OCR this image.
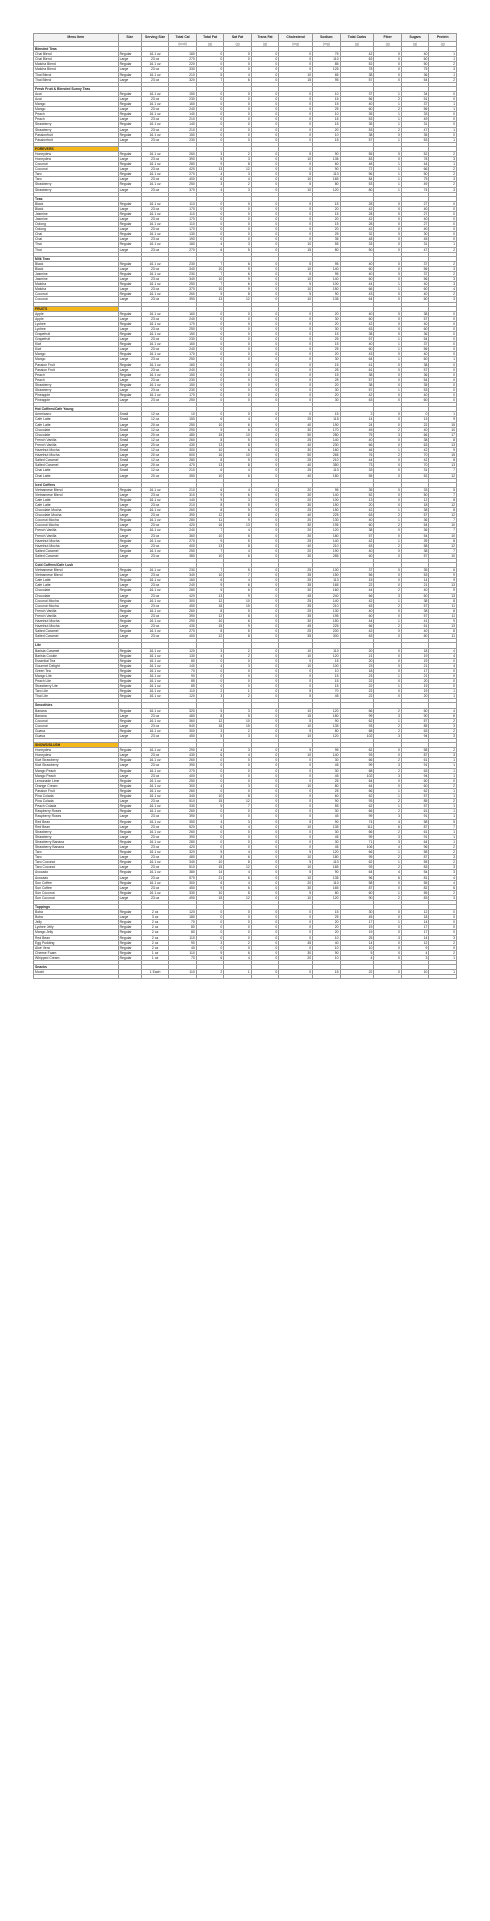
Menu Item	Size	Serving Size	Total Cal	Total Fat	Sat Fat	Trans Fat	Cholesterol	Sodium	Total Carbs	Fiber	Sugars	Protein
			(kcal)	(g)	(g)	(g)	(mg)	(mg)	(g)	(g)	(g)	(g)
Blended Teas												
Chai Blend	Regular	16.1 oz	180	0	0	0	0	75	42	0	40	1
Chai Blend	Large	23 oz	270	0	0	0	0	110	63	0	60	1
Matcha Blend	Regular	16.1 oz	220	0	0	0	0	85	52	0	50	2
Matcha Blend	Large	23 oz	330	0	0	0	0	125	78	0	75	3
Thai Blend	Regular	16.1 oz	210	5	4	0	10	65	38	0	36	1
Thai Blend	Large	23 oz	320	7	6	0	15	95	57	0	54	2

Fresh Fruit & Blended Sunny Teas												
Acai	Regular	16.1 oz	150	0	0	0	0	10	37	1	34	0
Acai	Large	23 oz	230	0	0	0	0	15	56	2	51	0
Mango	Regular	16.1 oz	160	0	0	0	0	15	40	1	37	1
Mango	Large	23 oz	240	0	0	0	0	25	60	2	56	1
Peach	Regular	16.1 oz	140	0	0	0	0	10	35	1	33	0
Peach	Large	23 oz	210	0	0	0	0	15	53	1	49	0
Strawberry	Regular	16.1 oz	140	0	0	0	0	15	35	1	31	0
Strawberry	Large	23 oz	210	0	0	0	0	20	53	2	47	1
Passionfruit	Regular	16.1 oz	150	0	0	0	0	10	38	0	35	0
Passionfruit	Large	23 oz	230	0	0	0	0	15	57	1	53	1

FOREVERS												
Honeydew	Regular	16.1 oz	260	3	2	0	5	90	55	0	52	2
Honeydew	Large	23 oz	390	5	3	0	10	135	83	0	78	3
Coconut	Regular	16.1 oz	280	9	8	0	0	60	48	1	44	1
Coconut	Large	23 oz	420	13	12	0	0	90	72	1	66	2
Taro	Regular	16.1 oz	270	4	3	0	5	110	56	1	50	2
Taro	Large	23 oz	400	6	4	0	10	165	84	1	75	3
Strawberry	Regular	16.1 oz	250	3	2	0	5	80	53	1	49	2
Strawberry	Large	23 oz	370	4	3	0	10	120	80	1	74	3

Teas												
Black	Regular	16.1 oz	110	0	0	0	0	15	28	0	27	0
Black	Large	23 oz	170	0	0	0	0	20	42	0	40	0
Jasmine	Regular	16.1 oz	110	0	0	0	0	15	28	0	27	0
Jasmine	Large	23 oz	170	0	0	0	0	20	42	0	40	0
Oolong	Regular	16.1 oz	110	0	0	0	0	15	28	0	27	0
Oolong	Large	23 oz	170	0	0	0	0	20	42	0	40	0
Chai	Regular	16.1 oz	130	0	0	0	0	25	32	0	30	0
Chai	Large	23 oz	190	0	0	0	0	35	48	0	45	0
Thai	Regular	16.1 oz	180	4	3	0	10	55	33	0	31	1
Thai	Large	23 oz	270	6	5	0	15	80	50	0	47	2

Milk Teas												
Black	Regular	16.1 oz	230	7	6	0	5	95	40	0	37	2
Black	Large	23 oz	340	10	9	0	10	140	60	0	56	3
Jasmine	Regular	16.1 oz	230	7	6	0	5	95	40	0	37	2
Jasmine	Large	23 oz	340	10	9	0	10	140	60	0	56	3
Matcha	Regular	16.1 oz	250	7	6	0	5	100	44	1	40	3
Matcha	Large	23 oz	370	10	9	0	10	150	66	1	60	4
Coconut	Regular	16.1 oz	260	9	8	0	5	90	43	0	40	2
Coconut	Large	23 oz	390	13	12	0	10	135	64	0	60	3

FRUITS												
Apple	Regular	16.1 oz	160	0	0	0	0	20	40	0	38	0
Apple	Large	23 oz	240	0	0	0	0	30	60	0	57	0
Lychee	Regular	16.1 oz	170	0	0	0	0	20	42	0	40	0
Lychee	Large	23 oz	250	0	0	0	0	30	63	0	60	0
Grapefruit	Regular	16.1 oz	150	0	0	0	0	15	38	0	36	0
Grapefruit	Large	23 oz	230	0	0	0	0	25	57	1	54	0
Kiwi	Regular	16.1 oz	160	0	0	0	0	15	40	1	37	0
Kiwi	Large	23 oz	240	0	0	0	0	25	60	1	56	0
Mango	Regular	16.1 oz	170	0	0	0	0	20	43	0	40	0
Mango	Large	23 oz	250	0	0	0	0	30	64	1	60	1
Passion Fruit	Regular	16.1 oz	160	0	0	0	0	15	41	0	38	0
Passion Fruit	Large	23 oz	240	0	0	0	0	25	61	0	57	0
Peach	Regular	16.1 oz	150	0	0	0	0	15	38	0	36	0
Peach	Large	23 oz	230	0	0	0	0	25	57	0	54	0
Strawberry	Regular	16.1 oz	150	0	0	0	0	20	38	0	35	0
Strawberry	Large	23 oz	230	0	0	0	0	30	57	1	53	0
Pineapple	Regular	16.1 oz	170	0	0	0	0	20	42	0	40	0
Pineapple	Large	23 oz	250	0	0	0	0	30	63	0	60	0

Hot Coffees/Cafe Young												
Americano	Small	12 oz	10	0	0	0	0	15	2	0	0	1
Cafe Latte	Small	12 oz	150	6	4	0	25	115	14	0	13	9
Cafe Latte	Large	20 oz	250	10	6	0	40	190	24	0	22	15
Chocolate	Small	12 oz	290	9	6	0	30	170	45	2	40	10
Chocolate	Large	20 oz	480	15	10	0	50	280	75	3	66	17
French Vanilla	Small	12 oz	260	8	5	0	25	140	40	0	38	8
French Vanilla	Large	20 oz	430	13	8	0	40	230	66	0	63	13
Hazelnut Mocha	Small	12 oz	300	10	6	0	30	160	46	1	42	9
Hazelnut Mocha	Large	20 oz	500	16	10	0	50	265	76	2	70	15
Salted Caramel	Small	12 oz	280	8	5	0	25	210	44	0	42	8
Salted Caramel	Large	20 oz	470	13	8	0	40	350	73	0	70	13
Chai Latte	Small	12 oz	210	6	4	0	25	110	33	0	31	7
Chai Latte	Large	20 oz	350	10	6	0	40	180	55	0	52	12

Iced Coffees												
Vietnamese Blend	Regular	16.1 oz	210	6	4	0	20	95	35	0	33	5
Vietnamese Blend	Large	23 oz	310	9	6	0	30	140	52	0	50	7
Cafe Latte	Regular	16.1 oz	140	5	3	0	20	100	13	0	12	8
Cafe Latte	Large	23 oz	210	8	5	0	30	150	20	0	18	12
Chocolate Mocha	Regular	16.1 oz	260	8	5	0	25	150	42	1	38	8
Chocolate Mocha	Large	23 oz	390	12	8	0	40	225	63	2	57	12
Coconut Mocha	Regular	16.1 oz	280	11	9	0	20	130	40	1	36	7
Coconut Mocha	Large	23 oz	420	16	13	0	30	195	60	2	54	10
French Vanilla	Regular	16.1 oz	240	7	4	0	20	120	38	0	36	7
French Vanilla	Large	23 oz	360	10	6	0	30	180	57	0	54	10
Hazelnut Mocha	Regular	16.1 oz	270	9	5	0	25	140	42	1	39	8
Hazelnut Mocha	Large	23 oz	400	13	8	0	40	210	63	2	58	12
Salted Caramel	Regular	16.1 oz	250	7	4	0	20	190	40	0	38	7
Salted Caramel	Large	23 oz	380	10	6	0	30	285	60	0	57	10

Cold Coffees/Cafe Lush												
Vietnamese Blend	Regular	16.1 oz	230	7	5	0	25	100	37	0	35	6
Vietnamese Blend	Large	23 oz	340	10	7	0	35	150	56	0	53	9
Cafe Latte	Regular	16.1 oz	160	6	4	0	25	110	15	0	14	9
Cafe Latte	Large	23 oz	240	9	6	0	35	165	22	0	21	13
Chocolate	Regular	16.1 oz	280	9	6	0	30	160	44	2	40	9
Chocolate	Large	23 oz	420	13	9	0	45	240	66	3	60	13
Coconut Mocha	Regular	16.1 oz	300	12	10	0	25	140	42	1	38	8
Coconut Mocha	Large	23 oz	450	18	15	0	35	210	63	2	57	11
French Vanilla	Regular	16.1 oz	260	8	5	0	25	130	40	0	38	8
French Vanilla	Large	23 oz	390	12	8	0	35	195	60	0	57	11
Hazelnut Mocha	Regular	16.1 oz	290	10	6	0	30	150	44	1	41	9
Hazelnut Mocha	Large	23 oz	430	15	9	0	45	225	66	2	61	13
Salted Caramel	Regular	16.1 oz	270	8	5	0	25	200	42	0	40	8
Salted Caramel	Large	23 oz	400	12	8	0	35	300	63	0	60	11

Lite												
Barista Caramel	Regular	16.1 oz	120	3	2	0	10	110	20	0	18	4
Barista Cookie	Regular	16.1 oz	130	4	2	0	10	120	21	0	19	4
Essential Tea	Regular	16.1 oz	80	0	0	0	0	15	20	0	19	0
Gourmet Delight	Regular	16.1 oz	140	4	3	0	10	100	23	0	21	4
Green Tea	Regular	16.1 oz	70	0	0	0	0	10	18	0	17	0
Mango Lite	Regular	16.1 oz	90	0	0	0	0	15	23	1	21	0
Peach Lite	Regular	16.1 oz	85	0	0	0	0	15	22	0	20	0
Strawberry Lite	Regular	16.1 oz	85	0	0	0	0	15	22	1	19	0
Taro Lite	Regular	16.1 oz	110	2	1	0	5	70	22	0	19	1
Thai Lite	Regular	16.1 oz	120	3	2	0	5	45	22	0	20	1

Smoothies												
Banana	Regular	16.1 oz	320	5	3	0	10	120	66	2	60	4
Banana	Large	23 oz	480	8	5	0	15	180	99	3	90	6
Coconut	Regular	16.1 oz	360	12	10	0	5	90	62	1	57	2
Coconut	Large	23 oz	540	18	15	0	10	135	93	2	85	3
Guava	Regular	16.1 oz	300	3	2	0	5	80	68	2	63	2
Guava	Large	23 oz	450	5	3	0	10	120	102	3	94	3

SNOWS/SLUSH												
Honeydew	Regular	16.1 oz	290	4	3	0	5	95	62	0	58	2
Honeydew	Large	23 oz	430	6	4	0	10	140	93	0	87	3
Kiwi Strawberry	Regular	16.1 oz	260	0	0	0	0	30	66	2	61	1
Kiwi Strawberry	Large	23 oz	390	0	0	0	0	45	99	3	91	1
Mango Peach	Regular	16.1 oz	270	0	0	0	0	30	68	2	63	1
Mango Peach	Large	23 oz	400	0	0	0	0	45	102	3	94	1
Lemonade Lime	Regular	16.1 oz	250	0	0	0	0	25	64	0	60	0
Orange Cream	Regular	16.1 oz	300	4	3	0	10	80	64	0	60	2
Passion Fruit	Regular	16.1 oz	260	0	0	0	0	25	66	1	62	1
Pina Colada	Regular	16.1 oz	340	10	8	0	0	60	62	1	57	1
Pina Colada	Large	23 oz	510	15	12	0	0	90	93	2	85	2
Peach Colada	Regular	16.1 oz	330	9	7	0	0	55	62	1	57	1
Raspberry Roses	Regular	16.1 oz	260	0	0	0	0	30	66	2	61	1
Raspberry Roses	Large	23 oz	390	0	0	0	0	45	99	3	91	1
Red Bean	Regular	16.1 oz	350	4	3	0	5	90	74	4	58	5
Red Bean	Large	23 oz	520	6	4	0	10	135	111	6	87	7
Strawberry	Regular	16.1 oz	260	0	0	0	0	30	66	2	61	1
Strawberry	Large	23 oz	390	0	0	0	0	45	99	3	91	1
Strawberry Banana	Regular	16.1 oz	280	0	0	0	0	30	71	3	64	1
Strawberry Banana	Large	23 oz	420	0	0	0	0	45	106	4	96	2
Taro	Regular	16.1 oz	320	5	4	0	5	120	66	1	58	2
Taro	Large	23 oz	480	8	6	0	10	180	99	2	87	3
Taro Coconut	Regular	16.1 oz	340	10	8	0	5	110	62	1	55	2
Taro Coconut	Large	23 oz	510	15	12	0	10	165	93	2	83	3
Avocado	Regular	16.1 oz	380	14	4	0	5	90	64	4	54	3
Avocado	Large	23 oz	570	21	6	0	10	135	96	6	81	4
Sun Coffee	Regular	16.1 oz	300	6	4	0	20	110	58	0	55	4
Sun Coffee	Large	23 oz	450	9	6	0	30	165	87	0	82	6
Sun Coconut	Regular	16.1 oz	330	10	8	0	5	80	60	1	55	2
Sun Coconut	Large	23 oz	490	15	12	0	10	120	90	2	83	3

Toppings												
Boba	Regular	2 oz	120	0	0	0	0	15	30	0	12	0
Boba	Large	3 oz	180	0	0	0	0	25	45	0	18	0
Jelly	Regular	2 oz	70	0	0	0	0	20	17	1	14	0
Lychee Jelly	Regular	2 oz	80	0	0	0	0	20	19	0	17	0
Mango Jelly	Regular	2 oz	80	0	0	0	0	20	19	0	17	0
Red Bean	Regular	2 oz	110	0	0	0	0	10	25	3	14	3
Egg Pudding	Regular	2 oz	90	3	2	0	45	40	14	0	12	2
Aloe Vera	Regular	2 oz	40	0	0	0	0	10	10	0	9	0
Cheese Foam	Regular	1 oz	110	9	6	0	30	90	5	0	4	2
Whipped Cream	Regular	1 oz	70	6	4	0	20	10	4	0	3	1

Snacks												
Mochi		1 Each	110	2	1	0	0	15	22	0	10	1
